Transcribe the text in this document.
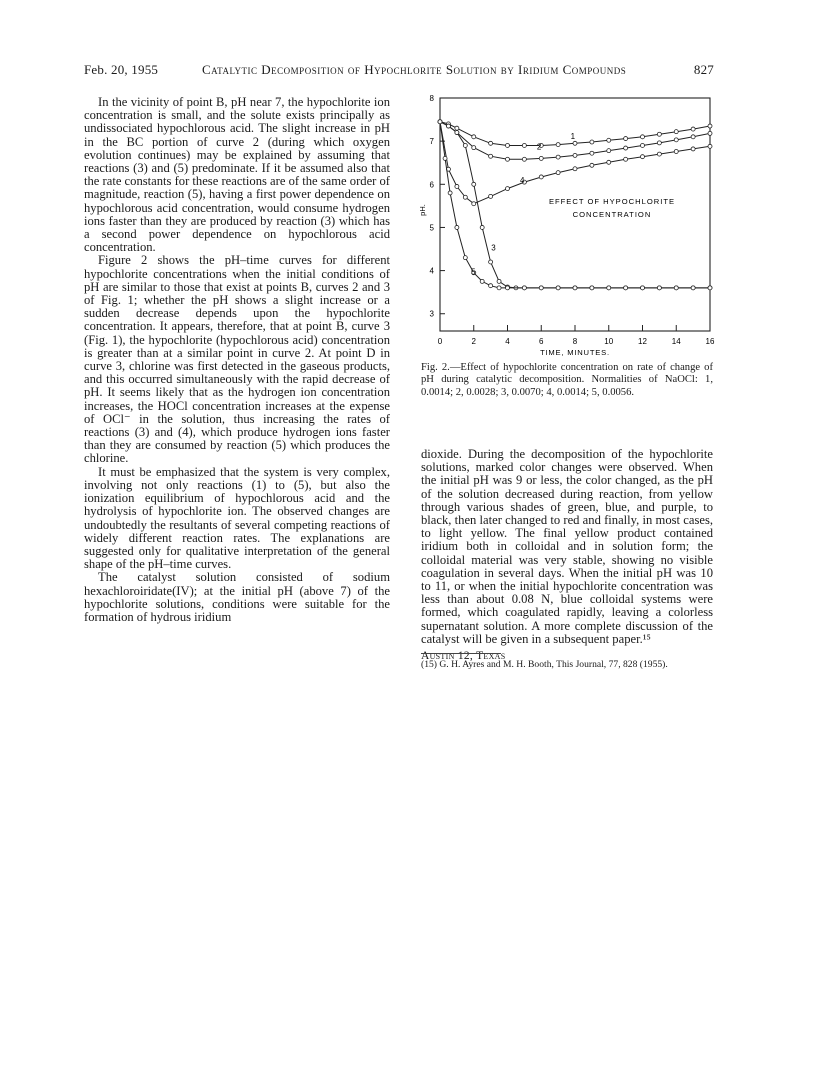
Feb. 20, 1955	Catalytic Decomposition of Hypochlorite Solution by Iridium Compounds	827

In the vicinity of point B, pH near 7, the hypochlorite ion concentration is small, and the solute exists principally as undissociated hypochlorous acid. The slight increase in pH in the BC portion of curve 2 (during which oxygen evolution continues) may be explained by assuming that reactions (3) and (5) predominate. If it be assumed also that the rate constants for these reactions are of the same order of magnitude, reaction (5), having a first power dependence on hypochlorous acid concentration, would consume hydrogen ions faster than they are produced by reaction (3) which has a second power dependence on hypochlorous acid concentration.

Figure 2 shows the pH–time curves for different hypochlorite concentrations when the initial conditions of pH are similar to those that exist at points B, curves 2 and 3 of Fig. 1; whether the pH shows a slight increase or a sudden decrease depends upon the hypochlorite concentration. It appears, therefore, that at point B, curve 3 (Fig. 1), the hypochlorite (hypochlorous acid) concentration is greater than at a similar point in curve 2. At point D in curve 3, chlorine was first detected in the gaseous products, and this occurred simultaneously with the rapid decrease of pH. It seems likely that as the hydrogen ion concentration increases, the HOCl concentration increases at the expense of OCl⁻ in the solution, thus increasing the rates of reactions (3) and (4), which produce hydrogen ions faster than they are consumed by reaction (5) which produces the chlorine.

It must be emphasized that the system is very complex, involving not only reactions (1) to (5), but also the ionization equilibrium of hypochlorous acid and the hydrolysis of hypochlorite ion. The observed changes are undoubtedly the resultants of several competing reactions of widely different reaction rates. The explanations are suggested only for qualitative interpretation of the general shape of the pH–time curves.

The catalyst solution consisted of sodium hexachloroiridate(IV); at the initial pH (above 7) of the hypochlorite solutions, conditions were suitable for the formation of hydrous iridium

3
4
5
6
7
8
0	2	4	6	8	10	12	14	16
1
2
3
4
5
EFFECT OF HYPOCHLORITE
CONCENTRATION
pH.
TIME, MINUTES.
Fig. 2.—Effect of hypochlorite concentration on rate of change of pH during catalytic decomposition. Normalities of NaOCl: 1, 0.0014; 2, 0.0028; 3, 0.0070; 4, 0.0014; 5, 0.0056.

dioxide. During the decomposition of the hypochlorite solutions, marked color changes were observed. When the initial pH was 9 or less, the color changed, as the pH of the solution decreased during reaction, from yellow through various shades of green, blue, and purple, to black, then later changed to red and finally, in most cases, to light yellow. The final yellow product contained iridium both in colloidal and in solution form; the colloidal material was very stable, showing no visible coagulation in several days. When the initial pH was 10 to 11, or when the initial hypochlorite concentration was less than about 0.08 N, blue colloidal systems were formed, which coagulated rapidly, leaving a colorless supernatant solution. A more complete discussion of the catalyst will be given in a subsequent paper.¹⁵

Austin 12, Texas
(15) G. H. Ayres and M. H. Booth, This Journal, 77, 828 (1955).
